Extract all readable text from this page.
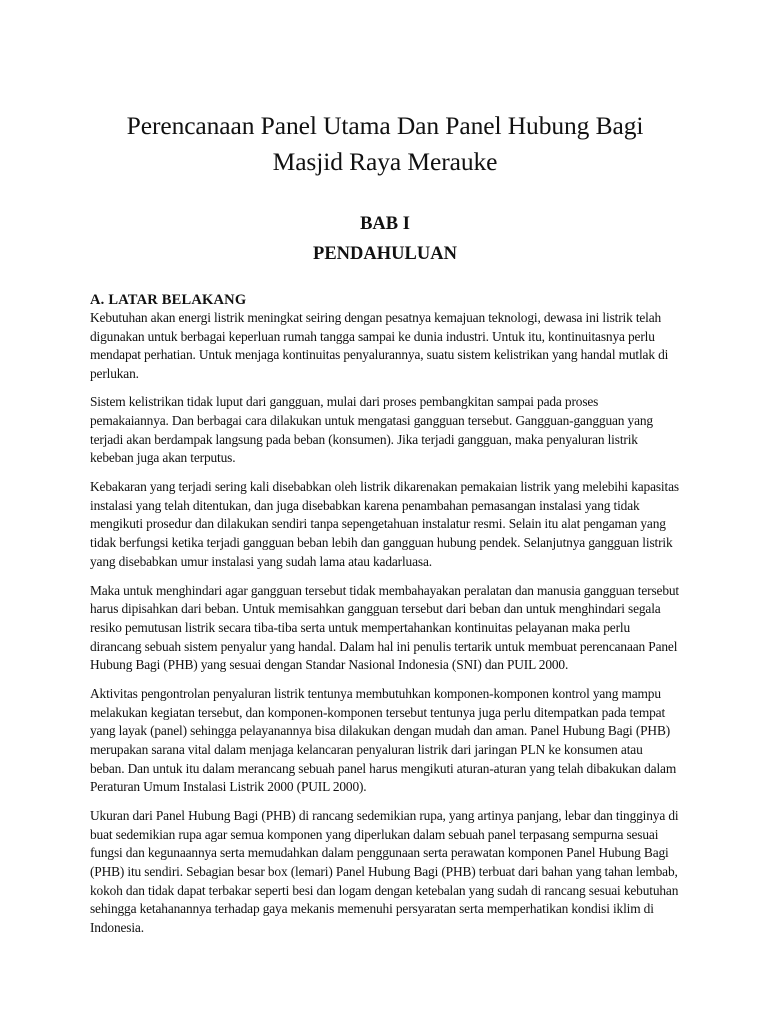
Perencanaan Panel Utama Dan Panel Hubung Bagi Masjid Raya Merauke
BAB I
PENDAHULUAN
A. LATAR BELAKANG

Kebutuhan akan energi listrik meningkat seiring dengan pesatnya kemajuan teknologi, dewasa ini listrik telah digunakan untuk berbagai keperluan rumah tangga sampai ke dunia industri. Untuk itu, kontinuitasnya perlu mendapat perhatian. Untuk menjaga kontinuitas penyalurannya, suatu sistem kelistrikan yang handal mutlak di perlukan.

Sistem kelistrikan tidak luput dari gangguan, mulai dari proses pembangkitan sampai pada proses pemakaiannya. Dan berbagai cara dilakukan untuk mengatasi gangguan tersebut. Gangguan-gangguan yang terjadi akan berdampak langsung pada beban (konsumen). Jika terjadi gangguan, maka penyaluran listrik kebeban juga akan terputus.

Kebakaran yang terjadi sering kali disebabkan oleh listrik dikarenakan pemakaian listrik yang melebihi kapasitas instalasi yang telah ditentukan, dan juga disebabkan karena penambahan pemasangan instalasi yang tidak mengikuti prosedur dan dilakukan sendiri tanpa sepengetahuan instalatur resmi. Selain itu alat pengaman yang tidak berfungsi ketika terjadi gangguan beban lebih dan gangguan hubung pendek. Selanjutnya gangguan listrik yang disebabkan umur instalasi yang sudah lama atau kadarluasa.

Maka untuk menghindari agar gangguan tersebut tidak membahayakan peralatan dan manusia gangguan tersebut harus dipisahkan dari beban. Untuk memisahkan gangguan tersebut dari beban dan untuk menghindari segala resiko pemutusan listrik secara tiba-tiba serta untuk mempertahankan kontinuitas pelayanan maka perlu dirancang sebuah sistem penyalur yang handal. Dalam hal ini penulis tertarik untuk membuat perencanaan Panel Hubung Bagi (PHB) yang sesuai dengan Standar Nasional Indonesia (SNI) dan PUIL 2000.

Aktivitas pengontrolan penyaluran listrik tentunya membutuhkan komponen-komponen kontrol yang mampu melakukan kegiatan tersebut, dan komponen-komponen tersebut tentunya juga perlu ditempatkan pada tempat yang layak (panel) sehingga pelayanannya bisa dilakukan dengan mudah dan aman. Panel Hubung Bagi (PHB) merupakan sarana vital dalam menjaga kelancaran penyaluran listrik dari jaringan PLN ke konsumen atau beban. Dan untuk itu dalam merancang sebuah panel harus mengikuti aturan-aturan yang telah dibakukan dalam Peraturan Umum Instalasi Listrik 2000 (PUIL 2000).

Ukuran dari Panel Hubung Bagi (PHB) di rancang sedemikian rupa, yang artinya panjang, lebar dan tingginya di buat sedemikian rupa agar semua komponen yang diperlukan dalam sebuah panel terpasang sempurna sesuai fungsi dan kegunaannya serta memudahkan dalam penggunaan serta perawatan komponen Panel Hubung Bagi (PHB) itu sendiri. Sebagian besar box (lemari) Panel Hubung Bagi (PHB) terbuat dari bahan yang tahan lembab, kokoh dan tidak dapat terbakar seperti besi dan logam dengan ketebalan yang sudah di rancang sesuai kebutuhan sehingga ketahanannya terhadap gaya mekanis memenuhi persyaratan serta memperhatikan kondisi iklim di Indonesia.
